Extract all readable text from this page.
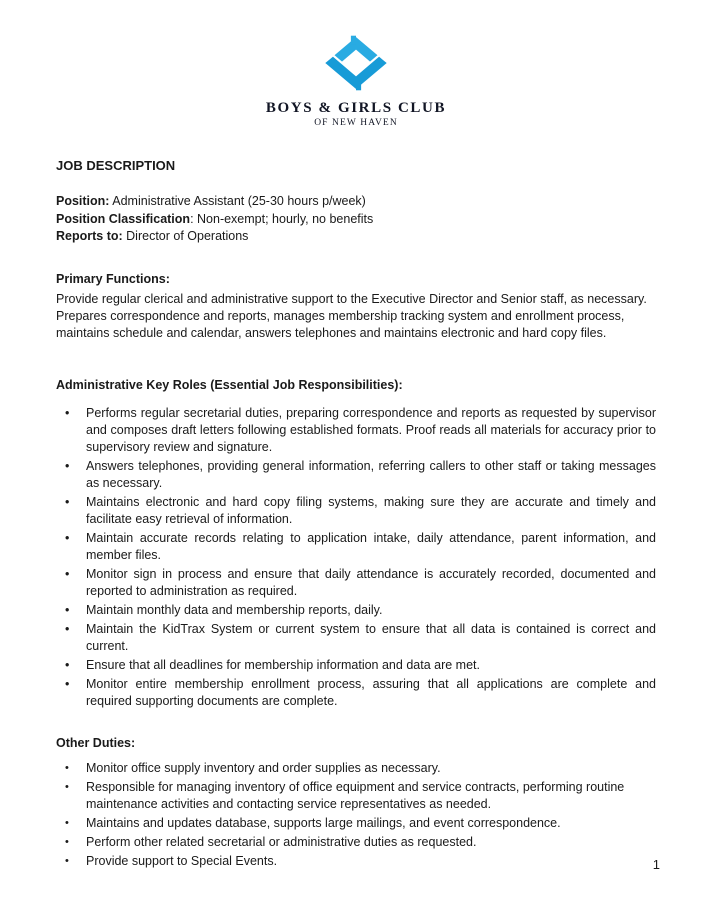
BOYS & GIRLS CLUB
OF NEW HAVEN
JOB DESCRIPTION
Position: Administrative Assistant (25-30 hours p/week)
Position Classification: Non-exempt; hourly, no benefits
Reports to: Director of Operations
Primary Functions:
Provide regular clerical and administrative support to the Executive Director and Senior staff, as necessary. Prepares correspondence and reports, manages membership tracking system and enrollment process, maintains schedule and calendar, answers telephones and maintains electronic and hard copy files.
Administrative Key Roles (Essential Job Responsibilities):
•	Performs regular secretarial duties, preparing correspondence and reports as requested by supervisor and composes draft letters following established formats. Proof reads all materials for accuracy prior to supervisory review and signature.
•	Answers telephones, providing general information, referring callers to other staff or taking messages as necessary.
•	Maintains electronic and hard copy filing systems, making sure they are accurate and timely and facilitate easy retrieval of information.
•	Maintain accurate records relating to application intake, daily attendance, parent information, and member files.
•	Monitor sign in process and ensure that daily attendance is accurately recorded, documented and reported to administration as required.
•	Maintain monthly data and membership reports, daily.
•	Maintain the KidTrax System or current system to ensure that all data is contained is correct and current.
•	Ensure that all deadlines for membership information and data are met.
•	Monitor entire membership enrollment process, assuring that all applications are complete and required supporting documents are complete.
Other Duties:
•	Monitor office supply inventory and order supplies as necessary.
•	Responsible for managing inventory of office equipment and service contracts, performing routine maintenance activities and contacting service representatives as needed.
•	Maintains and updates database, supports large mailings, and event correspondence.
•	Perform other related secretarial or administrative duties as requested.
•	Provide support to Special Events.	1
